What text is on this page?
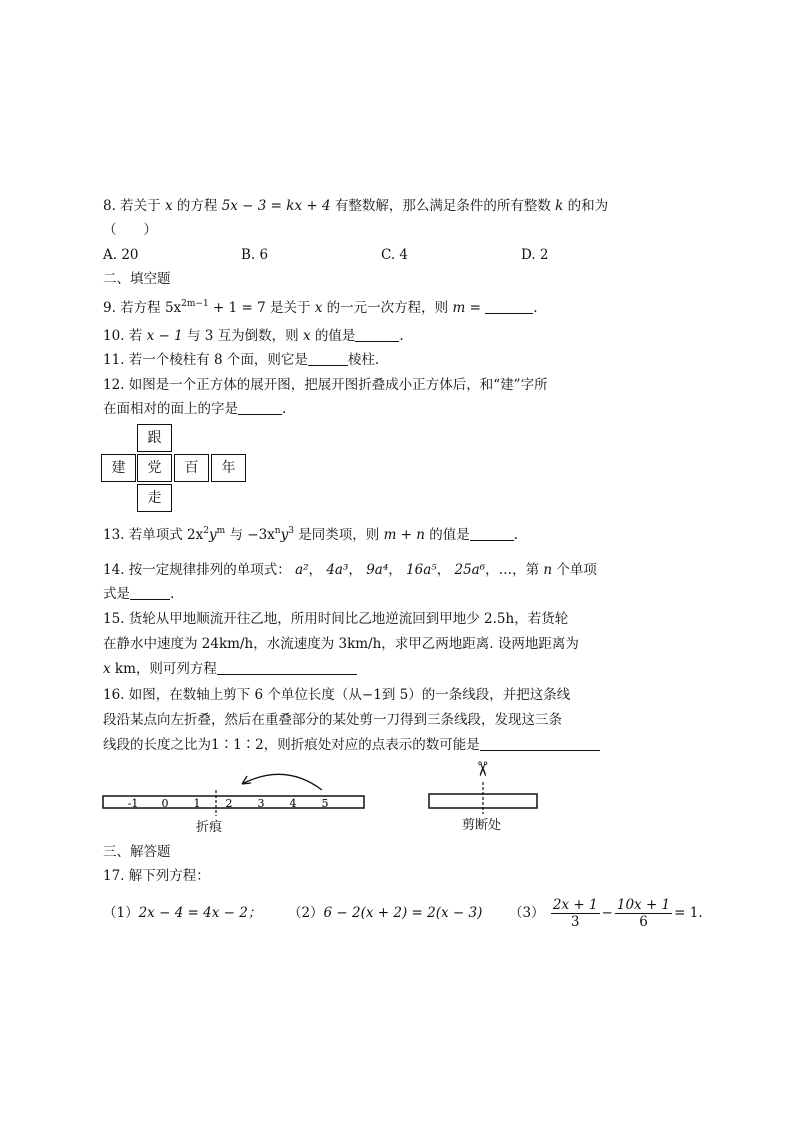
8. 若关于 x 的方程 5x − 3 = kx + 4 有整数解，那么满足条件的所有整数 k 的和为
（　　）
A. 20	B. 6	C. 4	D. 2
二、填空题
9. 若方程 $5x^{2m-1} + 1 = 7$ 是关于 x 的一元一次方程，则 m =	.
10. 若 x − 1 与 3 互为倒数，则 x 的值是	.
11. 若一个棱柱有 8 个面，则它是	棱柱.
12. 如图是一个正方体的展开图，把展开图折叠成小正方体后，和“建”字所
在面相对的面上的字是	.
跟
建	党	百	年
走
13. 若单项式 $2x^2y^m$ 与 $-3x^ny^3$ 是同类项，则 m + n 的值是	.
14. 按一定规律排列的单项式： a²， 4a³， 9a⁴， 16a⁵， 25a⁶，…，第 n 个单项
式是	.
15. 货轮从甲地顺流开往乙地，所用时间比乙地逆流回到甲地少 2.5h，若货轮
在静水中速度为 24km/h，水流速度为 3km/h，求甲乙两地距离. 设两地距离为
x km，则可列方程
16. 如图，在数轴上剪下 6 个单位长度（从−1到 5）的一条线段，并把这条线
段沿某点向左折叠，然后在重叠部分的某处剪一刀得到三条线段，发现这三条
线段的长度之比为1∶1∶2，则折痕处对应的点表示的数可能是
-1 0 1 2 3 4 5
折痕
✂
剪断处
三、解答题
17. 解下列方程：
（1）2x − 4 = 4x − 2； （2）6 − 2(x + 2) = 2(x − 3) $(3) \frac{2x + 1}{3} - \frac{10x + 1}{6} = 1$.
